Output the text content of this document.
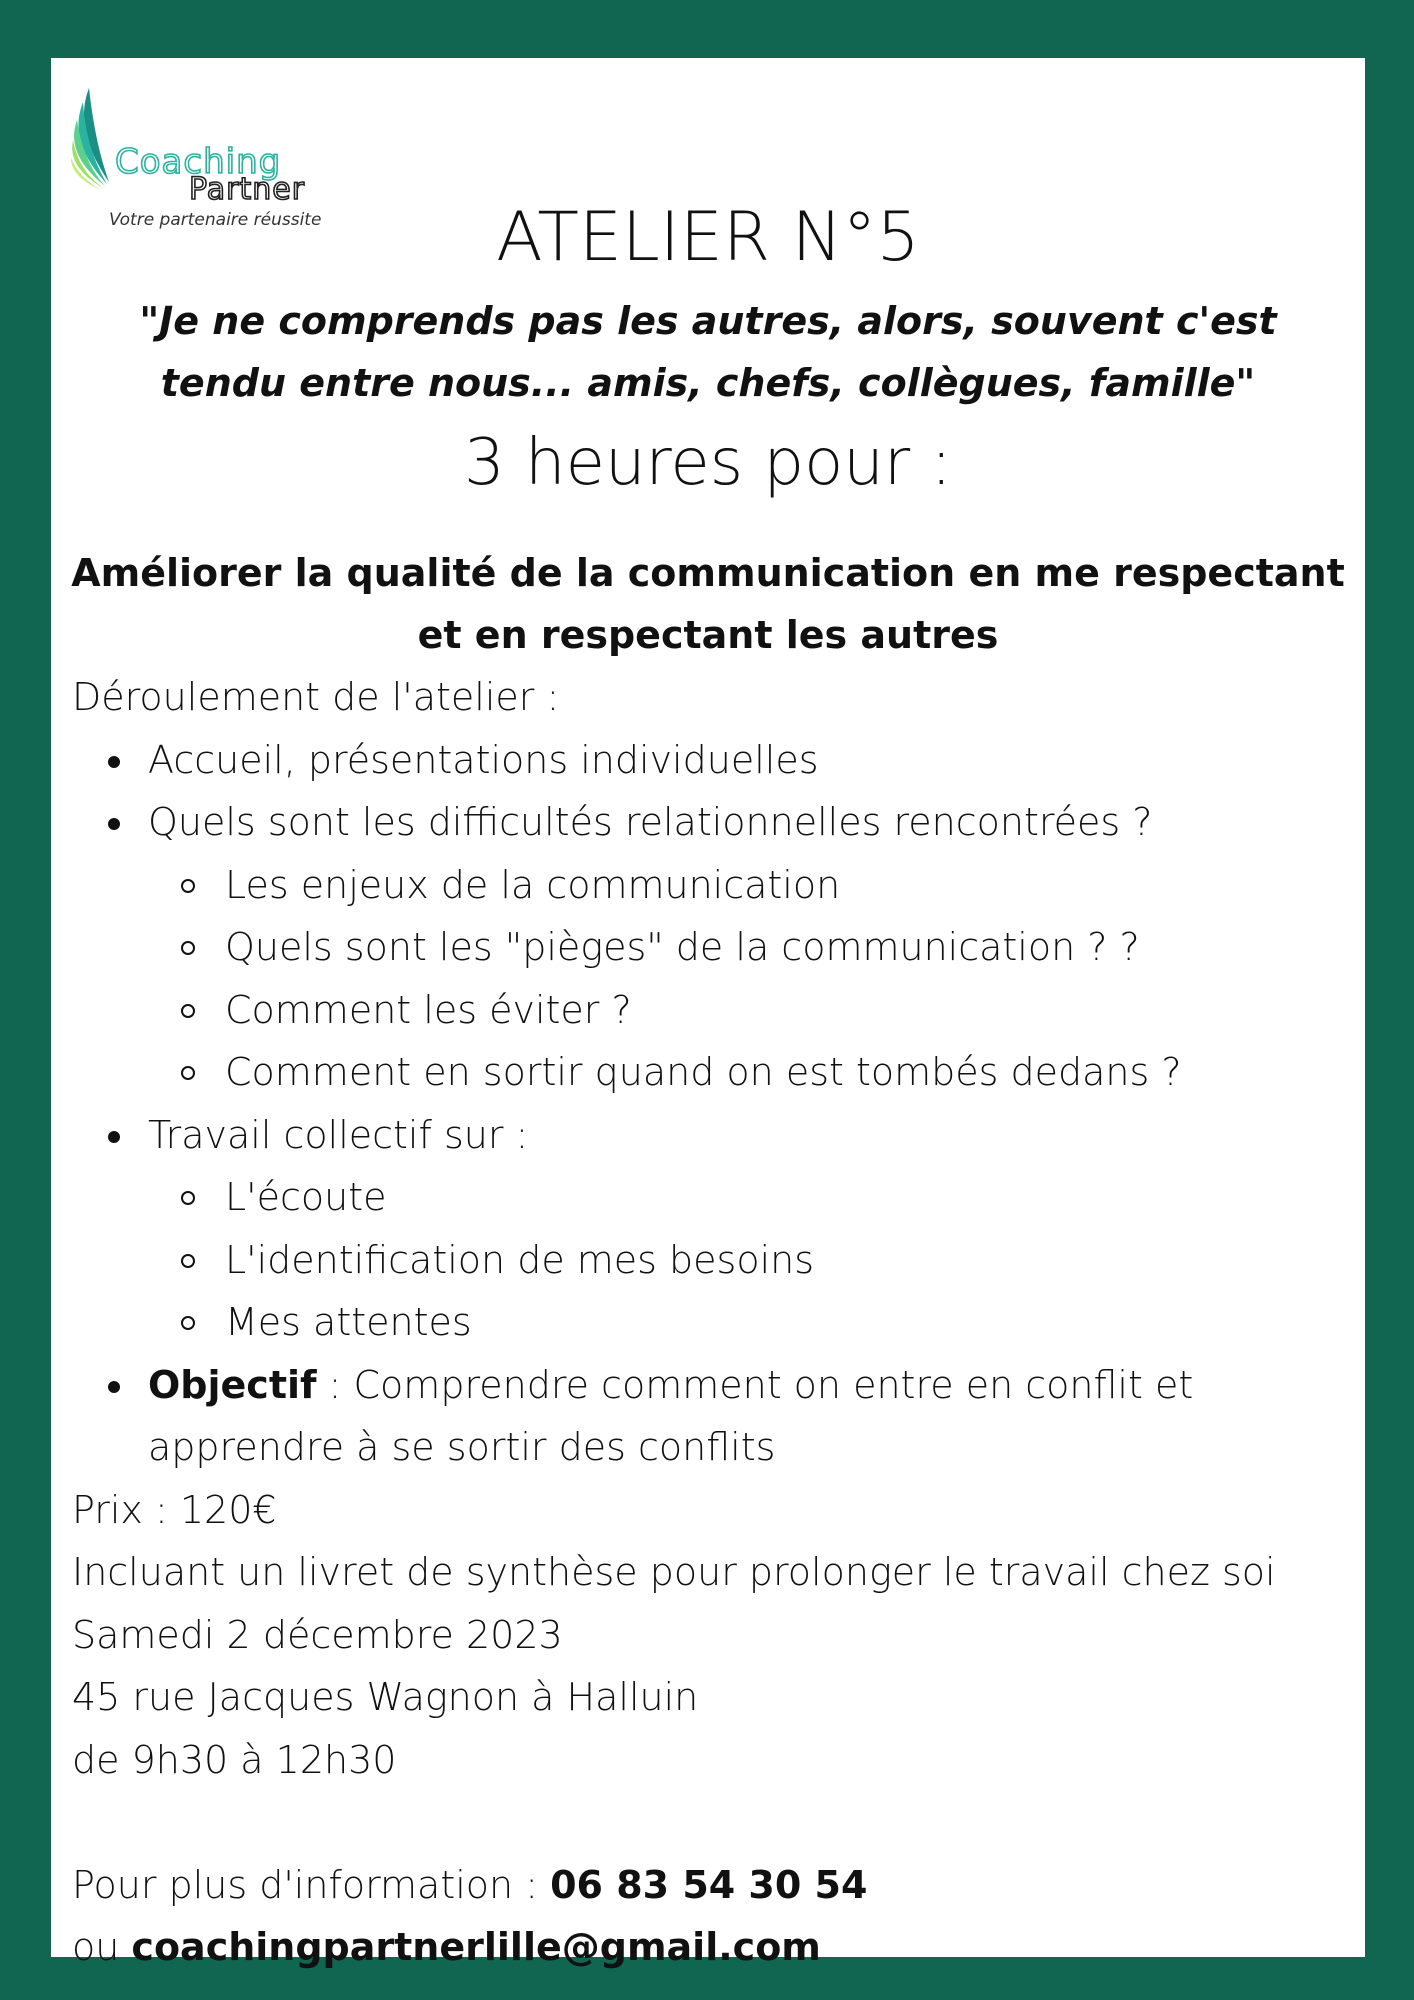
Coaching
Partner
Votre partenaire réussite	ATELIER N°5

"Je ne comprends pas les autres, alors, souvent c'est tendu entre nous... amis, chefs, collègues, famille"

3 heures pour :

Améliorer la qualité de la communication en me respectant et en respectant les autres

Déroulement de l'atelier :
Accueil, présentations individuelles
Quels sont les difficultés relationnelles rencontrées ?
Les enjeux de la communication
Quels sont les "pièges" de la communication ? ?
Comment les éviter ?
Comment en sortir quand on est tombés dedans ?
Travail collectif sur :
L'écoute
L'identification de mes besoins
Mes attentes
Objectif : Comprendre comment on entre en conflit et apprendre à se sortir des conflits
Prix : 120€
Incluant un livret de synthèse pour prolonger le travail chez soi
Samedi 2 décembre 2023
45 rue Jacques Wagnon à Halluin
de 9h30 à 12h30
Pour plus d'information : 06 83 54 30 54
ou coachingpartnerlille@gmail.com
